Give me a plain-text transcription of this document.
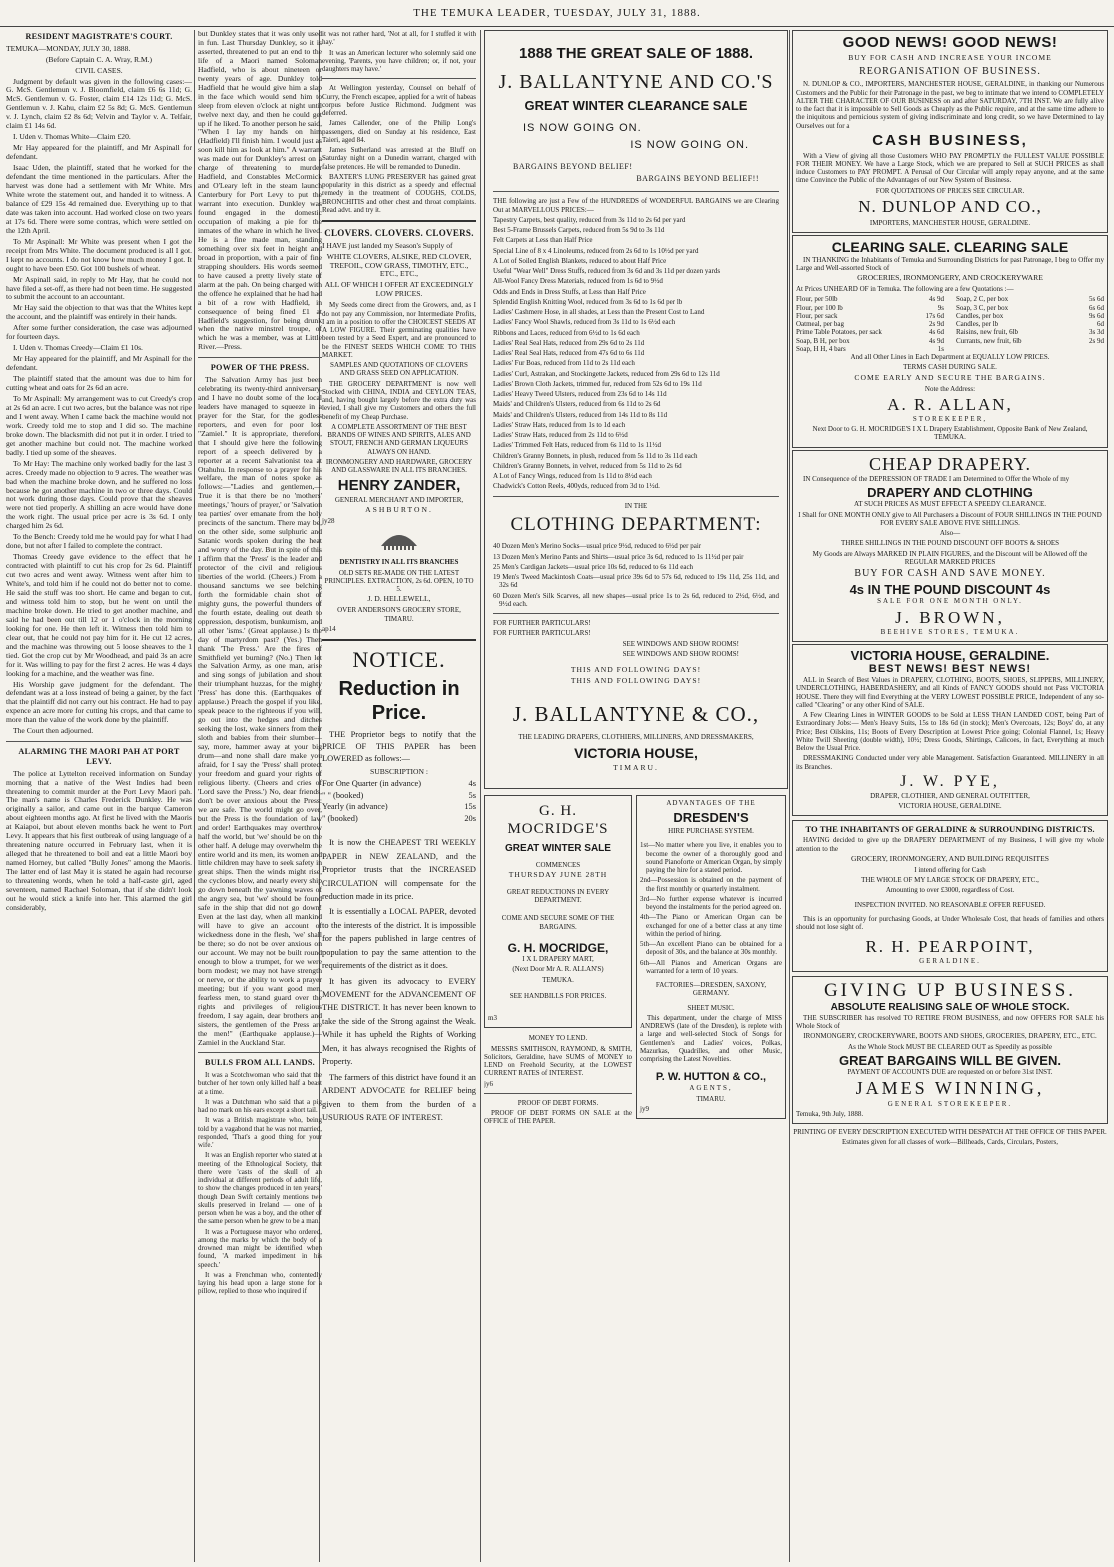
THE TEMUKA LEADER, TUESDAY, JULY 31, 1888.
RESIDENT MAGISTRATE'S COURT.

TEMUKA—MONDAY, JULY 30, 1888.

(Before Captain C. A. Wray, R.M.)

CIVIL CASES.

Judgment by default was given in the following cases:—G. McS. Gentlemun v. J. Bloomfield, claim £6 6s 11d; G. McS. Gentlemun v. G. Foster, claim £14 12s 11d; G. McS. Gentlemun v. J. Kahu, claim £2 5s 8d; G. McS. Gentlemun v. J. Lynch, claim £2 8s 6d; Velvin and Taylor v. A. Telfair, claim £1 14s 6d.

I. Uden v. Thomas White—Claim £20.

Mr Hay appeared for the plaintiff, and Mr Aspinall for defendant.

Isaac Uden, the plaintiff, stated that he worked for the defendant the time mentioned in the particulars. After the harvest was done had a settlement with Mr White. Mrs White wrote the statement out, and handed it to witness. A balance of £29 15s 4d remained due. Everything up to that date was taken into account. Had worked close on two years at 17s 6d. There were some contras, which were settled on the 12th April.

To Mr Aspinall: Mr White was present when I got the receipt from Mrs White. The document produced is all I got. I kept no accounts. I do not know how much money I got. It ought to have been £50. Got 100 bushels of wheat.

Mr Aspinall said, in reply to Mr Hay, that he could not have filed a set-off, as there had not been time. He suggested to submit the account to an accountant.

Mr Hay said the objection to that was that the Whites kept the account, and the plaintiff was entirely in their hands.

After some further consideration, the case was adjourned for fourteen days.

I. Uden v. Thomas Creedy—Claim £1 10s.

Mr Hay appeared for the plaintiff, and Mr Aspinall for the defendant.

The plaintiff stated that the amount was due to him for cutting wheat and oats for 2s 6d an acre.

To Mr Aspinall: My arrangement was to cut Creedy's crop at 2s 6d an acre. I cut two acres, but the balance was not ripe and I went away. When I came back the machine would not work. Creedy told me to stop and I did so. The machine broke down. The blacksmith did not put it in order. I tried to get another machine but could not. The machine worked badly. I tied up some of the sheaves.

To Mr Hay: The machine only worked badly for the last 3 acres. Creedy made no objection to 9 acres. The weather was bad when the machine broke down, and he suffered no loss because he got another machine in two or three days. Could not work during those days. Could prove that the sheaves were not tied properly. A shilling an acre would have done the work right. The usual price per acre is 3s 6d. I only charged him 2s 6d.

To the Bench: Creedy told me he would pay for what I had done, but not after I failed to complete the contract.

Thomas Creedy gave evidence to the effect that he contracted with plaintiff to cut his crop for 2s 6d. Plaintiff cut two acres and went away. Witness went after him to White's, and told him if he could not do better not to come. He said the stuff was too short. He came and began to cut, and witness told him to stop, but he went on until the machine broke down. He tried to get another machine, and said he had been out till 12 or 1 o'clock in the morning looking for one. He then left it. Witness then told him to clear out, that he could not pay him for it. He cut 12 acres, and the machine was throwing out 5 loose sheaves to the 1 tied. Got the crop cut by Mr Woodhead, and paid 3s an acre for it. Was willing to pay for the first 2 acres. He was 4 days looking for a machine, and the weather was fine.

His Worship gave judgment for the defendant. The defendant was at a loss instead of being a gainer, by the fact that the plaintiff did not carry out his contract. He had to pay expence an acre more for cutting his crops, and that came to more than the value of the work done by the plaintiff.

The Court then adjourned.

ALARMING THE MAORI PAH AT PORT LEVY.

The police at Lyttelton received information on Sunday morning that a native of the West Indies had been threatening to commit murder at the Port Levy Maori pah. The man's name is Charles Frederick Dunkley. He was originally a sailor, and came out in the barque Cameron about eighteen months ago. At first he lived with the Maoris at Kaiapoi, but about eleven months back he went to Port Levy. It appears that his first outbreak of using language of a threatening nature occurred in February last, when it is alleged that he threatened to boil and eat a little Maori boy named Horney, but called "Bully Jones" among the Maoris. The latter end of last May it is stated he again had recourse to threatening words, when he told a half-caste girl, aged seventeen, named Rachael Soloman, that if she didn't look out he would stick a knife into her. This alarmed the girl considerably,

but Dunkley states that it was only used in fun. Last Thursday Dunkley, so it is asserted, threatened to put an end to the life of a Maori named Soloman Hadfield, who is about nineteen or twenty years of age. Dunkley told Hadfield that he would give him a slap in the face which would send him to sleep from eleven o'clock at night until twelve next day, and then he could get up if he liked. To another person he said, "When I lay my hands on him (Hadfield) I'll finish him. I would just as soon kill him as look at him." A warrant was made out for Dunkley's arrest on a charge of threatening to murder Hadfield, and Constables McCormick and O'Leary left in the steam launch Canterbury for Port Levy to put the warrant into execution. Dunkley was found engaged in the domestic occupation of making a pie for the inmates of the whare in which he lived. He is a fine made man, standing something over six feet in height and broad in proportion, with a pair of fine strapping shoulders. His words seemed to have caused a pretty lively state of alarm at the pah. On being charged with the offence he explained that he had had a bit of a row with Hadfield, in consequence of being fined £1 at Hadfield's suggestion, for being drunk when the native minstrel troupe, of which he was a member, was at Little River.—Press.

POWER OF THE PRESS.

The Salvation Army has just been celebrating its twenty-third anniversary, and I have no doubt some of the local leaders have managed to squeeze in a prayer for the Star, for the godless reporters, and even for poor lost "Zamiel." It is appropriate, therefore, that I should give here the following report of a speech delivered by a reporter at a recent Salvationist tea at Otahuhu. In response to a prayer for his welfare, the man of notes spoke as follows:—"Ladies and gentlemen,—True it is that there be no 'mothers' meetings,' 'hours of prayer,' or 'Salvation tea parties' over emanate from the holy precincts of the sanctum. There may be, on the other side, some sulphuric and Satanic words spoken during the heat and worry of the day. But in spite of this I affirm that the 'Press' is the leader and protector of the civil and religious liberties of the world. (Cheers.) From a thousand sanctums we see belching forth the formidable chain shot of mighty guns, the powerful thunders of the fourth estate, dealing out death to oppression, despotism, bunkumism, and all other 'isms.' (Great applause.) Is the day of martyrdom past? (Yes.) Then thank 'The Press.' Are the fires of Smithfield yet burning? (No.) Then let the Salvation Army, as one man, arise and sing songs of jubilation and shout their triumphant huzzas, for the mighty 'Press' has done this. (Earthquakes of applause.) Preach the gospel if you like, speak peace to the righteous if you will, go out into the hedges and ditches seeking the lost, wake sinners from their sloth and babies from their slumber—say, more, hammer away at your big drum—and none shall dare make you afraid, for I say the 'Press' shall protect your freedom and guard your rights of religious liberty. (Cheers and cries of 'Lord save the Press.') No, dear friends, don't be over anxious about the Press: we are safe. The world might go over, but the Press is the foundation of law and order! Earthquakes may overthrow half the world, but 'we' should be on the other half. A deluge may overwhelm the entire world and its men, its women and little children may have to seek safety in great ships. Then the winds might rise, the cyclones blow, and nearly every ship go down beneath the yawning waves of the angry sea, but 'we' should be found safe in the ship that did not go down! Even at the last day, when all mankind will have to give an account of wickedness done in the flesh, 'we' shall be there; so do not be over anxious on our account. We may not be built round enough to blow a trumpet, for we were born modest; we may not have strength or nerve, or the ability to work a prayer meeting; but if you want good men, fearless men, to stand guard over the rights and privileges of religious freedom, I say again, dear brothers and sisters, the gentlemen of the Press are the men!" (Earthquake applause.)—Zamiel in the Auckland Star.

BULLS FROM ALL LANDS.

It was a Scotchwoman who said that the butcher of her town only killed half a beast at a time.

It was a Dutchman who said that a pig had no mark on his ears except a short tail.

It was a British magistrate who, being told by a vagabond that he was not married, responded, 'That's a good thing for your wife.'

It was an English reporter who stated at a meeting of the Ethnological Society, that there were 'casts of the skull of an individual at different periods of adult life, to show the changes produced in ten years;' though Dean Swift certainly mentions two skulls preserved in Ireland — one of a person when he was a boy, and the other of the same person when he grew to be a man.

It was a Portuguese mayor who ordered, among the marks by which the body of a drowned man might be identified when found, 'A marked impediment in his speech.'

It was a Frenchman who, contentedly laying his head upon a large stone for a pillow, replied to those who inquired if

it was not rather hard, 'Not at all, for I stuffed it with hay.'

It was an American lecturer who solemnly said one evening, 'Parents, you have children; or, if not, your daughters may have.'

At Wellington yesterday, Counsel on behalf of Curry, the French escapee, applied for a writ of habeas corpus before Justice Richmond. Judgment was deferred.

James Callender, one of the Philip Long's passengers, died on Sunday at his residence, East Taieri, aged 84.

James Sutherland was arrested at the Bluff on Saturday night on a Dunedin warrant, charged with false pretences. He will be remanded to Dunedin.

BAXTER'S LUNG PRESERVER has gained great popularity in this district as a speedy and effectual remedy in the treatment of COUGHS, COLDS, BRONCHITIS and other chest and throat complaints. Read advt. and try it.

CLOVERS. CLOVERS. CLOVERS.

I HAVE just landed my Season's Supply of

WHITE CLOVERS, ALSIKE, RED CLOVER, TREFOIL, COW GRASS, TIMOTHY, ETC., ETC., ETC.,

ALL OF WHICH I OFFER AT EXCEEDINGLY LOW PRICES.

My Seeds come direct from the Growers, and, as I do not pay any Commission, nor Intermediate Profits, I am in a position to offer the CHOICEST SEEDS AT A LOW FIGURE. Their germinating qualities have been tested by a Seed Expert, and are pronounced to be the FINEST SEEDS WHICH COME TO THIS MARKET.

SAMPLES AND QUOTATIONS OF CLOVERS AND GRASS SEED ON APPLICATION.

THE GROCERY DEPARTMENT is now well Stocked with CHINA, INDIA and CEYLON TEAS, and, having bought largely before the extra duty was levied, I shall give my Customers and others the full benefit of my Cheap Purchase.

A COMPLETE ASSORTMENT OF THE BEST BRANDS OF WINES AND SPIRITS, ALES AND STOUT, FRENCH AND GERMAN LIQUEURS ALWAYS ON HAND.

IRONMONGERY AND HARDWARE, GROCERY AND GLASSWARE IN ALL ITS BRANCHES.

HENRY ZANDER,

GENERAL MERCHANT AND IMPORTER,

ASHBURTON.

jy28

DENTISTRY IN ALL ITS BRANCHES

OLD SETS RE-MADE ON THE LATEST PRINCIPLES. EXTRACTION, 2s 6d. OPEN, 10 TO 5.

J. D. HELLEWELL,

OVER ANDERSON'S GROCERY STORE, TIMARU.

ap14

NOTICE.
Reduction in Price.

THE Proprietor begs to notify that the PRICE OF THIS PAPER has been LOWERED as follows:—

SUBSCRIPTION :

For One Quarter (in advance)	4s
" " (booked)	5s
Yearly (in advance)	15s
" (booked)	20s

It is now the CHEAPEST TRI WEEKLY PAPER in NEW ZEALAND, and the Proprietor trusts that the INCREASED CIRCULATION will compensate for the reduction made in its price.

It is essentially a LOCAL PAPER, devoted to the interests of the district. It is impossible for the papers published in large centres of population to pay the same attention to the requirements of the district as it does.

It has given its advocacy to EVERY MOVEMENT for the ADVANCEMENT OF THE DISTRICT. It has never been known to take the side of the Strong against the Weak. While it has upheld the Rights of Working Men, it has always recognised the Rights of Property.

The farmers of this district have found it an ARDENT ADVOCATE for RELIEF being given to them from the burden of a USURIOUS RATE OF INTEREST.

1888 THE GREAT SALE OF 1888.
J. BALLANTYNE AND CO.'S
GREAT WINTER CLEARANCE SALE
IS NOW GOING ON.
IS NOW GOING ON.
BARGAINS BEYOND BELIEF!
BARGAINS BEYOND BELIEF!!

THE following are just a Few of the HUNDREDS of WONDERFUL BARGAINS we are Clearing Out at MARVELLOUS PRICES:—

Tapestry Carpets, best quality, reduced from 3s 11d to 2s 6d per yard

Best 5-Frame Brussels Carpets, reduced from 5s 9d to 3s 11d

Felt Carpets at Less than Half Price

Special Line of 8 x 4 Linoleums, reduced from 2s 6d to 1s 10½d per yard

A Lot of Soiled English Blankets, reduced to about Half Price

Useful "Wear Well" Dress Stuffs, reduced from 3s 6d and 3s 11d per dozen yards

All-Wool Fancy Dress Materials, reduced from 1s 6d to 9½d

Odds and Ends in Dress Stuffs, at Less than Half Price

Splendid English Knitting Wool, reduced from 3s 6d to 1s 6d per lb

Ladies' Cashmere Hose, in all shades, at Less than the Present Cost to Land

Ladies' Fancy Wool Shawls, reduced from 3s 11d to 1s 6½d each

Ribbons and Laces, reduced from 6½d to 1s 6d each

Ladies' Real Seal Hats, reduced from 29s 6d to 2s 11d

Ladies' Real Seal Hats, reduced from 47s 6d to 6s 11d

Ladies' Fur Boas, reduced from 11d to 2s 11d each

Ladies' Curl, Astrakan, and Stockingette Jackets, reduced from 29s 6d to 12s 11d

Ladies' Brown Cloth Jackets, trimmed fur, reduced from 52s 6d to 19s 11d

Ladies' Heavy Tweed Ulsters, reduced from 23s 6d to 14s 11d

Maids' and Children's Ulsters, reduced from 6s 11d to 2s 6d

Maids' and Children's Ulsters, reduced from 14s 11d to 8s 11d

Ladies' Straw Hats, reduced from 1s to 1d each

Ladies' Straw Hats, reduced from 2s 11d to 6½d

Ladies' Trimmed Felt Hats, reduced from 6s 11d to 1s 11½d

Children's Granny Bonnets, in plush, reduced from 5s 11d to 3s 11d each

Children's Granny Bonnets, in velvet, reduced from 5s 11d to 2s 6d

A Lot of Fancy Wings, reduced from 1s 11d to 8½d each

Chadwick's Cotton Reels, 400yds, reduced from 3d to 1½d.

IN THE

CLOTHING DEPARTMENT:

40 Dozen Men's Merino Socks—usual price 9½d, reduced to 6½d per pair

13 Dozen Men's Merino Pants and Shirts—usual price 3s 6d, reduced to 1s 11½d per pair

25 Men's Cardigan Jackets—usual price 10s 6d, reduced to 6s 11d each

19 Men's Tweed Mackintosh Coats—usual price 39s 6d to 57s 6d, reduced to 19s 11d, 25s 11d, and 32s 6d

60 Dozen Men's Silk Scarves, all new shapes—usual price 1s to 2s 6d, reduced to 2½d, 6½d, and 9½d each.

FOR FURTHER PARTICULARS!

FOR FURTHER PARTICULARS!

SEE WINDOWS AND SHOW ROOMS!

SEE WINDOWS AND SHOW ROOMS!

THIS AND FOLLOWING DAYS!

THIS AND FOLLOWING DAYS!

J. BALLANTYNE & CO.,

THE LEADING DRAPERS, CLOTHIERS, MILLINERS, AND DRESSMAKERS,

VICTORIA HOUSE,

TIMARU.

G. H. MOCRIDGE'S
GREAT WINTER SALE

COMMENCES

THURSDAY JUNE 28TH

GREAT REDUCTIONS IN EVERY DEPARTMENT.

COME AND SECURE SOME OF THE BARGAINS.

G. H. MOCRIDGE,

I X L DRAPERY MART,

(Next Door Mr A. R. ALLAN'S)

TEMUKA.

SEE HANDBILLS FOR PRICES.

m3

MONEY TO LEND.

MESSRS SMITHSON, RAYMOND, & SMITH, Solicitors, Geraldine, have SUMS of MONEY to LEND on Freehold Security, at the LOWEST CURRENT RATES of INTEREST.

jy6

PROOF OF DEBT FORMS.

PROOF OF DEBT FORMS ON SALE at the OFFICE of THE PAPER.

ADVANTAGES OF THE

DRESDEN'S

HIRE PURCHASE SYSTEM.

1st—No matter where you live, it enables you to become the owner of a thoroughly good and sound Pianoforte or American Organ, by simply paying the hire for a stated period.

2nd—Possession is obtained on the payment of the first monthly or quarterly instalment.

3rd—No further expense whatever is incurred beyond the instalments for the period agreed on.

4th—The Piano or American Organ can be exchanged for one of a better class at any time within the period of hiring.

5th—An excellent Piano can be obtained for a deposit of 30s, and the balance at 30s monthly.

6th—All Pianos and American Organs are warranted for a term of 10 years.

FACTORIES—DRESDEN, SAXONY, GERMANY.

SHEET MUSIC.

This department, under the charge of MISS ANDREWS (late of the Dresden), is replete with a large and well-selected Stock of Songs for Gentlemen's and Ladies' voices, Polkas, Mazurkas, Quadrilles, and other Music, comprising the Latest Novelties.

P. W. HUTTON & CO.,

AGENTS,

TIMARU.

jy9

GOOD NEWS! GOOD NEWS!

BUY FOR CASH AND INCREASE YOUR INCOME

REORGANISATION OF BUSINESS.

N. DUNLOP & CO., IMPORTERS, MANCHESTER HOUSE, GERALDINE, in thanking our Numerous Customers and the Public for their Patronage in the past, we beg to intimate that we intend to COMPLETELY ALTER THE CHARACTER OF OUR BUSINESS on and after SATURDAY, 7TH INST. We are fully alive to the fact that it is impossible to Sell Goods as Cheaply as the Public require, and at the same time adhere to the iniquitous and pernicious system of giving indiscriminate and long credit, so we have Determined to lay Ourselves out for a

CASH BUSINESS,

With a View of giving all those Customers WHO PAY PROMPTLY the FULLEST VALUE POSSIBLE FOR THEIR MONEY. We have a Large Stock, which we are prepared to Sell at SUCH PRICES as shall induce Customers to PAY PROMPT. A Perusal of Our Circular will amply repay anyone, and at the same time Convince the Public of the Advantages of our New System of Business.

FOR QUOTATIONS OF PRICES SEE CIRCULAR.

N. DUNLOP AND CO.,

IMPORTERS, MANCHESTER HOUSE, GERALDINE.

CLEARING SALE. CLEARING SALE

IN THANKING the Inhabitants of Temuka and Surrounding Districts for past Patronage, I beg to Offer my Large and Well-assorted Stock of

GROCERIES, IRONMONGERY, AND CROCKERYWARE

At Prices UNHEARD OF in Temuka. The following are a few Quotations :—

Flour, per 50lb	4s 9d
Flour, per 100 lb	9s
Flour, per sack	17s 6d
Oatmeal, per bag	2s 9d
Prime Table Potatoes, per sack	4s 6d
Soap, B H, per box	4s 9d
Soap, H H, 4 bars	1s
Soap, 2 C, per box	5s 6d
Soap, 3 C, per box	6s 6d
Candles, per box	9s 6d
Candles, per lb	6d
Raisins, new fruit, 6lb	3s 3d
Currants, new fruit, 6lb	2s 9d

And all Other Lines in Each Department at EQUALLY LOW PRICES.

TERMS CASH DURING SALE.

COME EARLY AND SECURE THE BARGAINS.

Note the Address:

A. R. ALLAN,

STOREKEEPER,

Next Door to G. H. MOCRIDGE'S I X L Drapery Establishment, Opposite Bank of New Zealand, TEMUKA.

CHEAP DRAPERY.

IN Consequence of the DEPRESSION OF TRADE I am Determined to Offer the Whole of my

DRAPERY AND CLOTHING

AT SUCH PRICES AS MUST EFFECT A SPEEDY CLEARANCE.

I Shall for ONE MONTH ONLY give to All Purchasers a Discount of FOUR SHILLINGS IN THE POUND FOR EVERY SALE ABOVE FIVE SHILLINGS.

Also—

THREE SHILLINGS IN THE POUND DISCOUNT OFF BOOTS & SHOES

My Goods are Always MARKED IN PLAIN FIGURES, and the Discount will be Allowed off the REGULAR MARKED PRICES

BUY FOR CASH AND SAVE MONEY.

4s IN THE POUND DISCOUNT 4s

SALE FOR ONE MONTH ONLY.

J. BROWN,

BEEHIVE STORES, TEMUKA.

VICTORIA HOUSE, GERALDINE.
BEST NEWS! BEST NEWS!

ALL in Search of Best Values in DRAPERY, CLOTHING, BOOTS, SHOES, SLIPPERS, MILLINERY, UNDERCLOTHING, HABERDASHERY, and all Kinds of FANCY GOODS should not Pass VICTORIA HOUSE. There they will find Everything at the VERY LOWEST POSSIBLE PRICE, Independent of any so-called "Clearing" or any other Kind of SALE.

A Few Clearing Lines in WINTER GOODS to be Sold at LESS THAN LANDED COST, being Part of Extraordinary Jobs:— Men's Heavy Suits, 15s to 18s 6d (in stock); Men's Overcoats, 12s; Boys' do, at any Price; Best Oilskins, 11s; Boots of Every Description at Lowest Price going; Colonial Flannel, 1s; Heavy White Twill Sheeting (double width), 10½; Dress Goods, Shirtings, Calicoes, in fact, Everything at much Below the Usual Price.

DRESSMAKING Conducted under very able Management. Satisfaction Guaranteed. MILLINERY in all its Branches.

J. W. PYE,

DRAPER, CLOTHIER, AND GENERAL OUTFITTER,

VICTORIA HOUSE, GERALDINE.

TO THE INHABITANTS OF GERALDINE & SURROUNDING DISTRICTS.

HAVING decided to give up the DRAPERY DEPARTMENT of my Business, I will give my whole attention to the

GROCERY, IRONMONGERY, AND BUILDING REQUISITES

I intend offering for Cash

THE WHOLE OF MY LARGE STOCK OF DRAPERY, ETC.,

Amounting to over £3000, regardless of Cost.

INSPECTION INVITED. NO REASONABLE OFFER REFUSED.

This is an opportunity for purchasing Goods, at Under Wholesale Cost, that heads of families and others should not lose sight of.

R. H. PEARPOINT,

GERALDINE.

GIVING UP BUSINESS.
ABSOLUTE REALISING SALE OF WHOLE STOCK.

THE SUBSCRIBER has resolved TO RETIRE FROM BUSINESS, and now OFFERS FOR SALE his Whole Stock of

IRONMONGERY, CROCKERYWARE, BOOTS AND SHOES, GROCERIES, DRAPERY, ETC., ETC.

As the Whole Stock MUST BE CLEARED OUT as Speedily as possible

GREAT BARGAINS WILL BE GIVEN.

PAYMENT OF ACCOUNTS DUE are requested on or before 31st INST.

JAMES WINNING,

GENERAL STOREKEEPER.

Temuka, 9th July, 1888.

PRINTING OF EVERY DESCRIPTION EXECUTED WITH DESPATCH AT THE OFFICE OF THIS PAPER.

Estimates given for all classes of work—Billheads, Cards, Circulars, Posters,
